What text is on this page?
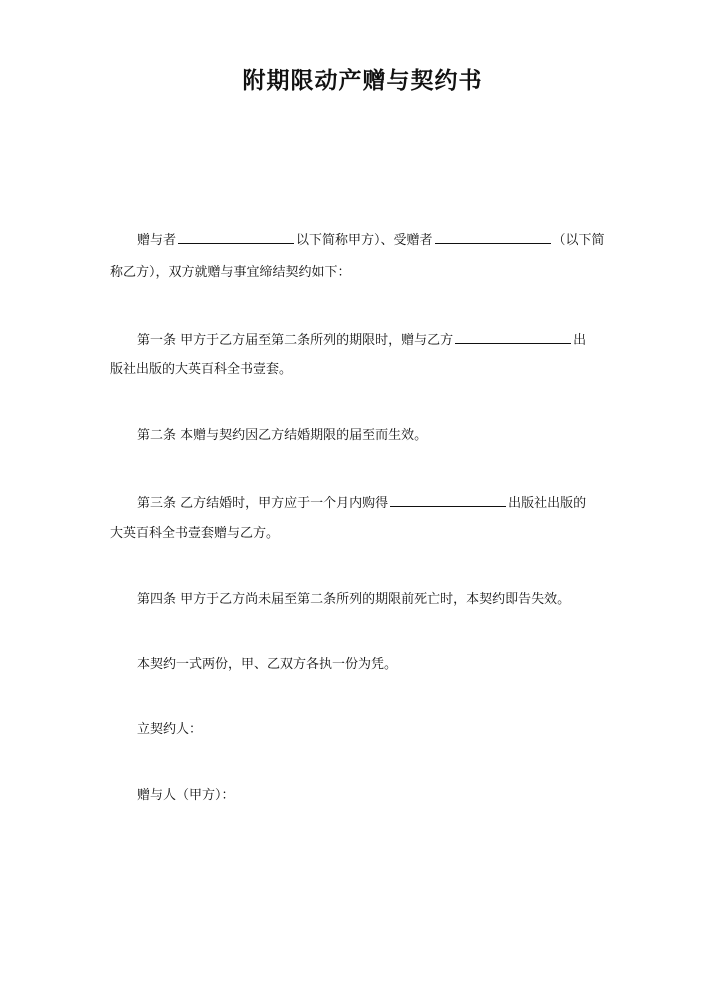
附期限动产赠与契约书
赠与者	以下简称甲方）、受赠者	（以下简
称乙方），双方就赠与事宜缔结契约如下：
第一条 甲方于乙方届至第二条所列的期限时，赠与乙方	出
版社出版的大英百科全书壹套。
第二条 本赠与契约因乙方结婚期限的届至而生效。
第三条 乙方结婚时，甲方应于一个月内购得	出版社出版的
大英百科全书壹套赠与乙方。
第四条 甲方于乙方尚未届至第二条所列的期限前死亡时，本契约即告失效。
本契约一式两份，甲、乙双方各执一份为凭。
立契约人：
赠与人（甲方）：
